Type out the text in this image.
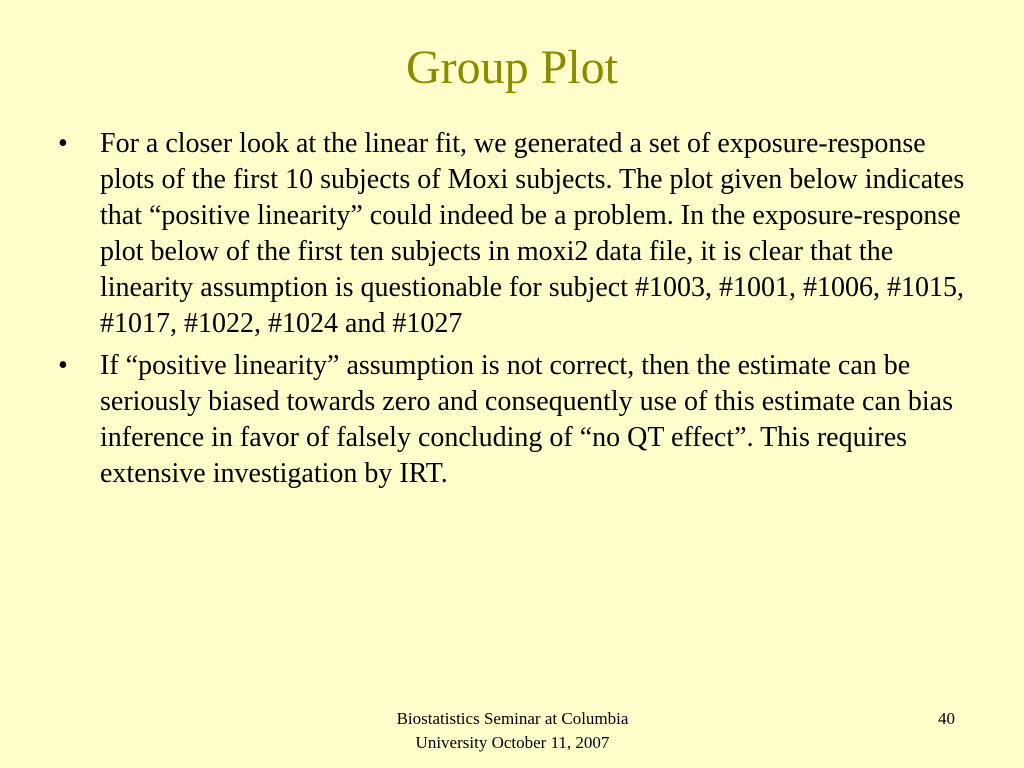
Group Plot
•	For a closer look at the linear fit, we generated a set of exposure-response plots of the first 10 subjects of Moxi subjects. The plot given below indicates that “positive linearity” could indeed be a problem. In the exposure-response plot below of the first ten subjects in moxi2 data file, it is clear that the linearity assumption is questionable for subject #1003, #1001, #1006, #1015, #1017, #1022, #1024 and #1027
•	If “positive linearity” assumption is not correct, then the estimate can be seriously biased towards zero and consequently use of this estimate can bias inference in favor of falsely concluding of “no QT effect”. This requires extensive investigation by IRT.
Biostatistics Seminar at Columbia
University October 11, 2007
40
